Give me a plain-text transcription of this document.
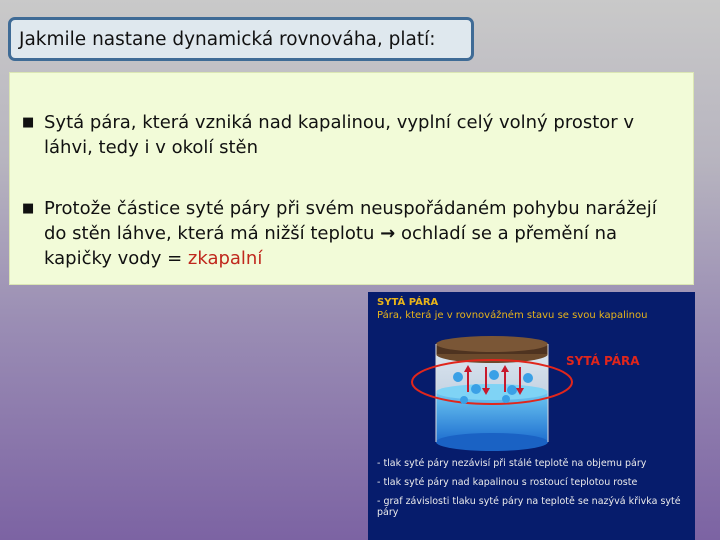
Jakmile nastane dynamická rovnováha, platí:
■ Sytá pára, která vzniká nad kapalinou, vyplní celý volný prostor v láhvi, tedy i v okolí stěn
■ Protože částice syté páry při svém neuspořádaném pohybu narážejí do stěn láhve, která má nižší teplotu → ochladí se a přemění na kapičky vody = zkapalní
SYTÁ PÁRA
Pára, která je v rovnovážném stavu se svou kapalinou
SYTÁ PÁRA
- tlak syté páry nezávisí při stálé teplotě na objemu páry
- tlak syté páry nad kapalinou s rostoucí teplotou roste
- graf závislosti tlaku syté páry na teplotě se nazývá křivka syté páry
